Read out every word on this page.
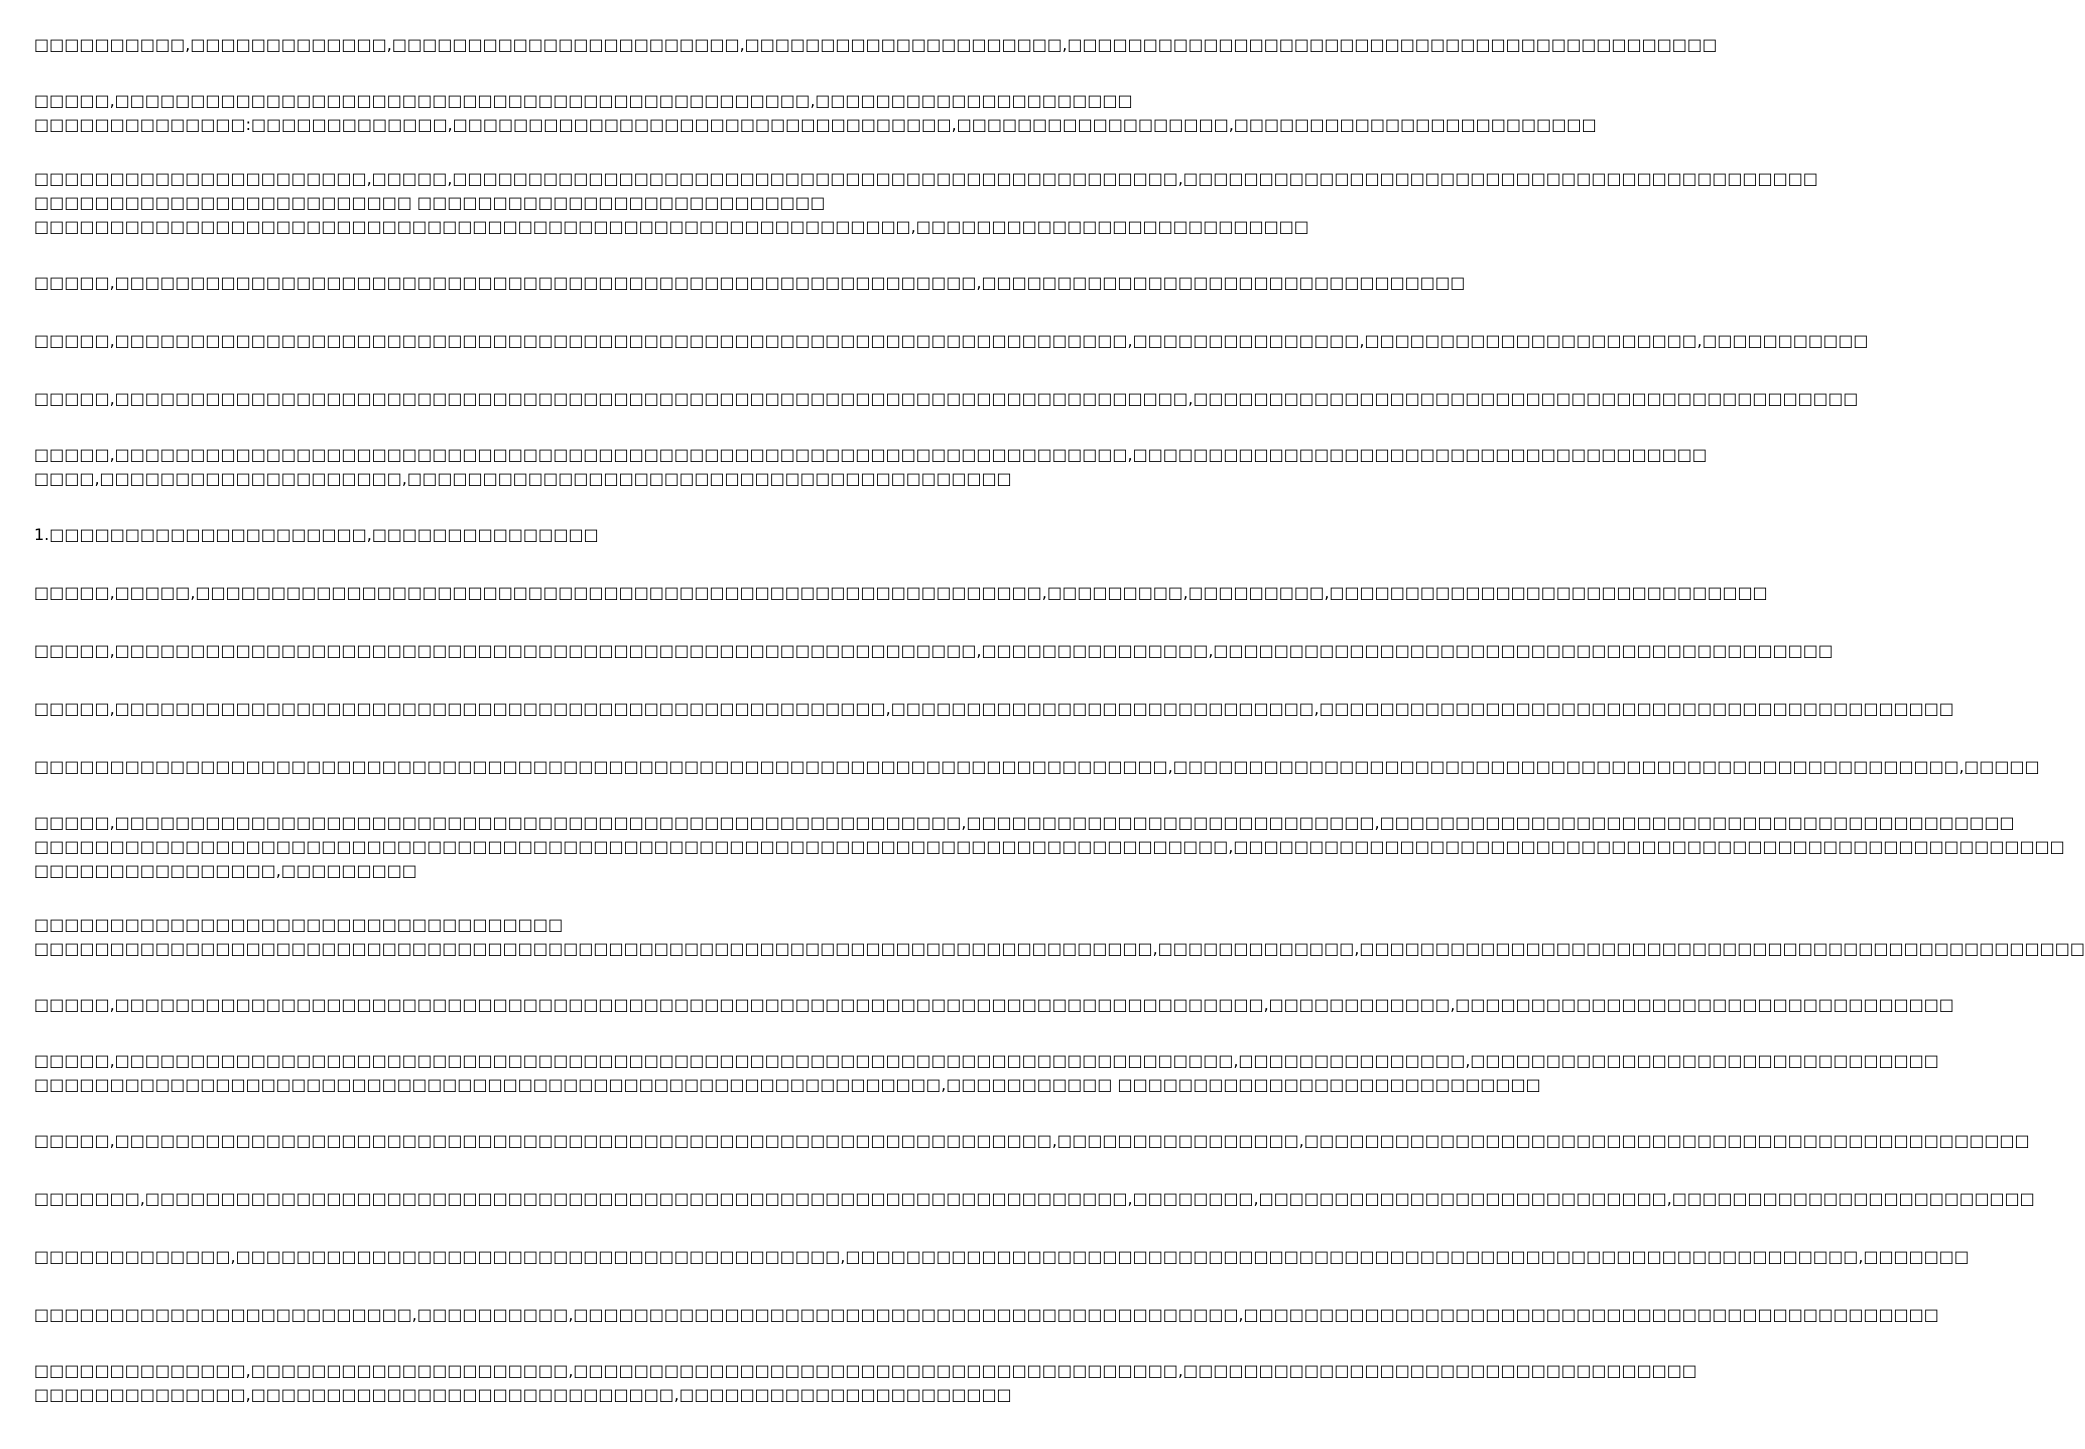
□□□□□□□□□□,□□□□□□□□□□□□□,□□□□□□□□□□□□□□□□□□□□□□□,□□□□□□□□□□□□□□□□□□□□□,□□□□□□□□□□□□□□□□□□□□□□□□□□□□□□□□□□□□□□□□□□□
□□□□□,□□□□□□□□□□□□□□□□□□□□□□□□□□□□□□□□□□□□□□□□□□□□□□,□□□□□□□□□□□□□□□□□□□□□
□□□□□□□□□□□□□□:□□□□□□□□□□□□□,□□□□□□□□□□□□□□□□□□□□□□□□□□□□□□□□□,□□□□□□□□□□□□□□□□□□,□□□□□□□□□□□□□□□□□□□□□□□□
□□□□□□□□□□□□□□□□□□□□□□,□□□□□,□□□□□□□□□□□□□□□□□□□□□□□□□□□□□□□□□□□□□□□□□□□□□□□□,□□□□□□□□□□□□□□□□□□□□□□□□□□□□□□□□□□□□□□□□□□
□□□□□□□□□□□□□□□□□□□□□□□□□ □□□□□□□□□□□□□□□□□□□□□□□□□□□
□□□□□□□□□□□□□□□□□□□□□□□□□□□□□□□□□□□□□□□□□□□□□□□□□□□□□□□□□□,□□□□□□□□□□□□□□□□□□□□□□□□□□
□□□□□,□□□□□□□□□□□□□□□□□□□□□□□□□□□□□□□□□□□□□□□□□□□□□□□□□□□□□□□□□,□□□□□□□□□□□□□□□□□□□□□□□□□□□□□□□□
□□□□□,□□□□□□□□□□□□□□□□□□□□□□□□□□□□□□□□□□□□□□□□□□□□□□□□□□□□□□□□□□□□□□□□□□□,□□□□□□□□□□□□□□□,□□□□□□□□□□□□□□□□□□□□□□,□□□□□□□□□□□
□□□□□,□□□□□□□□□□□□□□□□□□□□□□□□□□□□□□□□□□□□□□□□□□□□□□□□□□□□□□□□□□□□□□□□□□□□□□□,□□□□□□□□□□□□□□□□□□□□□□□□□□□□□□□□□□□□□□□□□□□□
□□□□□,□□□□□□□□□□□□□□□□□□□□□□□□□□□□□□□□□□□□□□□□□□□□□□□□□□□□□□□□□□□□□□□□□□□,□□□□□□□□□□□□□□□□□□□□□□□□□□□□□□□□□□□□□□
□□□□,□□□□□□□□□□□□□□□□□□□□,□□□□□□□□□□□□□□□□□□□□□□□□□□□□□□□□□□□□□□□□
1.□□□□□□□□□□□□□□□□□□□□□,□□□□□□□□□□□□□□□
□□□□□,□□□□□,□□□□□□□□□□□□□□□□□□□□□□□□□□□□□□□□□□□□□□□□□□□□□□□□□□□□□□□□,□□□□□□□□□,□□□□□□□□□,□□□□□□□□□□□□□□□□□□□□□□□□□□□□□
□□□□□,□□□□□□□□□□□□□□□□□□□□□□□□□□□□□□□□□□□□□□□□□□□□□□□□□□□□□□□□□,□□□□□□□□□□□□□□□,□□□□□□□□□□□□□□□□□□□□□□□□□□□□□□□□□□□□□□□□□
□□□□□,□□□□□□□□□□□□□□□□□□□□□□□□□□□□□□□□□□□□□□□□□□□□□□□□□□□,□□□□□□□□□□□□□□□□□□□□□□□□□□□□,□□□□□□□□□□□□□□□□□□□□□□□□□□□□□□□□□□□□□□□□□□
□□□□□□□□□□□□□□□□□□□□□□□□□□□□□□□□□□□□□□□□□□□□□□□□□□□□□□□□□□□□□□□□□□□□□□□□□□□,□□□□□□□□□□□□□□□□□□□□□□□□□□□□□□□□□□□□□□□□□□□□□□□□□□□□,□□□□□
□□□□□,□□□□□□□□□□□□□□□□□□□□□□□□□□□□□□□□□□□□□□□□□□□□□□□□□□□□□□□□,□□□□□□□□□□□□□□□□□□□□□□□□□□□,□□□□□□□□□□□□□□□□□□□□□□□□□□□□□□□□□□□□□□□□□□
□□□□□□□□□□□□□□□□□□□□□□□□□□□□□□□□□□□□□□□□□□□□□□□□□□□□□□□□□□□□□□□□□□□□□□□□□□□□□□□,□□□□□□□□□□□□□□□□□□□□□□□□□□□□□□□□□□□□□□□□□□□□□□□□□□□□□□□
□□□□□□□□□□□□□□□□,□□□□□□□□□
□□□□□□□□□□□□□□□□□□□□□□□□□□□□□□□□□□□
□□□□□□□□□□□□□□□□□□□□□□□□□□□□□□□□□□□□□□□□□□□□□□□□□□□□□□□□□□□□□□□□□□□□□□□□□□,□□□□□□□□□□□□□,□□□□□□□□□□□□□□□□□□□□□□□□□□□□□□□□□□□□□□□□□□□□□□□□
□□□□□,□□□□□□□□□□□□□□□□□□□□□□□□□□□□□□□□□□□□□□□□□□□□□□□□□□□□□□□□□□□□□□□□□□□□□□□□□□□□,□□□□□□□□□□□□,□□□□□□□□□□□□□□□□□□□□□□□□□□□□□□□□□
□□□□□,□□□□□□□□□□□□□□□□□□□□□□□□□□□□□□□□□□□□□□□□□□□□□□□□□□□□□□□□□□□□□□□□□□□□□□□□□□,□□□□□□□□□□□□□□□,□□□□□□□□□□□□□□□□□□□□□□□□□□□□□□□
□□□□□□□□□□□□□□□□□□□□□□□□□□□□□□□□□□□□□□□□□□□□□□□□□□□□□□□□□□□□,□□□□□□□□□□□ □□□□□□□□□□□□□□□□□□□□□□□□□□□□
□□□□□,□□□□□□□□□□□□□□□□□□□□□□□□□□□□□□□□□□□□□□□□□□□□□□□□□□□□□□□□□□□□□□,□□□□□□□□□□□□□□□□,□□□□□□□□□□□□□□□□□□□□□□□□□□□□□□□□□□□□□□□□□□□□□□□□
□□□□□□□,□□□□□□□□□□□□□□□□□□□□□□□□□□□□□□□□□□□□□□□□□□□□□□□□□□□□□□□□□□□□□□□□□,□□□□□□□□,□□□□□□□□□□□□□□□□□□□□□□□□□□□,□□□□□□□□□□□□□□□□□□□□□□□□
□□□□□□□□□□□□□,□□□□□□□□□□□□□□□□□□□□□□□□□□□□□□□□□□□□□□□□,□□□□□□□□□□□□□□□□□□□□□□□□□□□□□□□□□□□□□□□□□□□□□□□□□□□□□□□□□□□□□□□□□□□,□□□□□□□
□□□□□□□□□□□□□□□□□□□□□□□□□,□□□□□□□□□□,□□□□□□□□□□□□□□□□□□□□□□□□□□□□□□□□□□□□□□□□□□□□,□□□□□□□□□□□□□□□□□□□□□□□□□□□□□□□□□□□□□□□□□□□□□□
□□□□□□□□□□□□□□,□□□□□□□□□□□□□□□□□□□□□,□□□□□□□□□□□□□□□□□□□□□□□□□□□□□□□□□□□□□□□□,□□□□□□□□□□□□□□□□□□□□□□□□□□□□□□□□□□
□□□□□□□□□□□□□□,□□□□□□□□□□□□□□□□□□□□□□□□□□□□,□□□□□□□□□□□□□□□□□□□□□□
